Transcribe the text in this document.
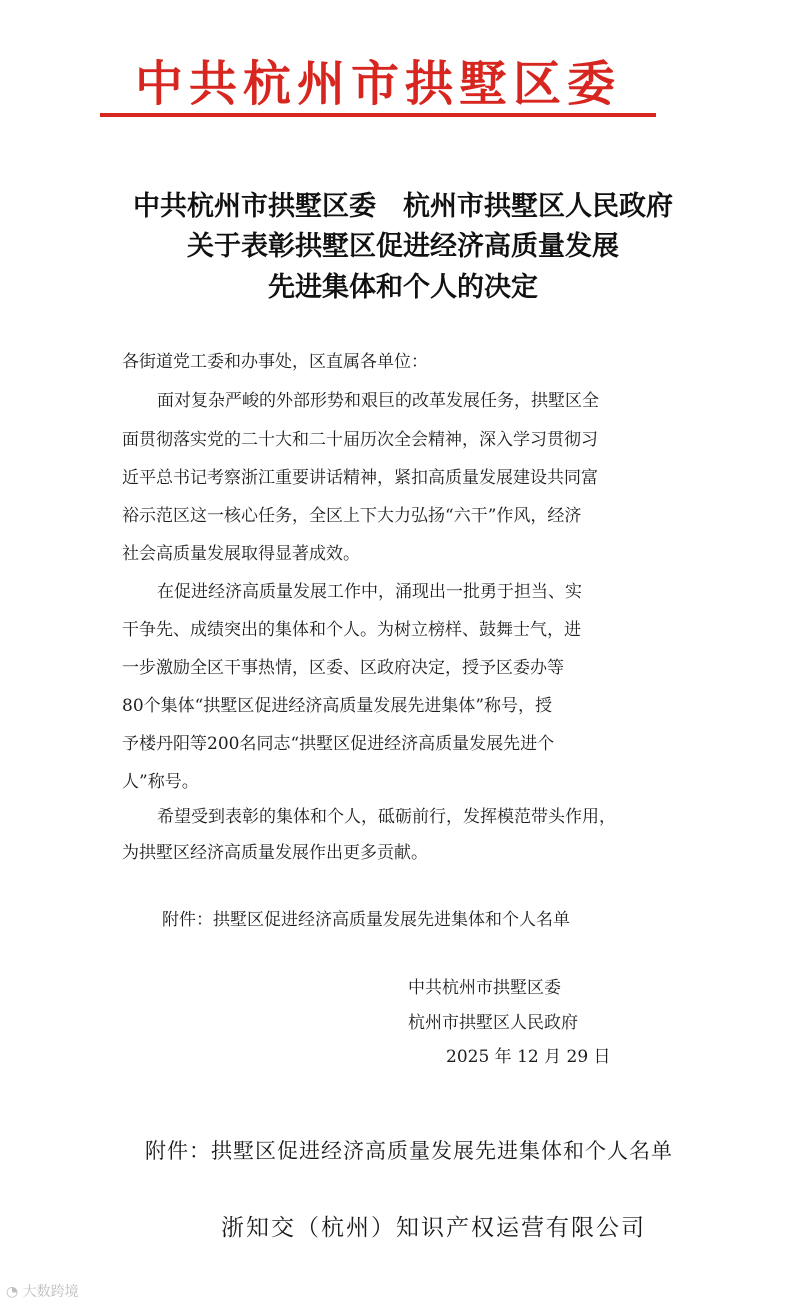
中共杭州市拱墅区委
中共杭州市拱墅区委　杭州市拱墅区人民政府
关于表彰拱墅区促进经济高质量发展
先进集体和个人的决定
各街道党工委和办事处，区直属各单位：
面对复杂严峻的外部形势和艰巨的改革发展任务，拱墅区全
面贯彻落实党的二十大和二十届历次全会精神，深入学习贯彻习
近平总书记考察浙江重要讲话精神，紧扣高质量发展建设共同富
裕示范区这一核心任务，全区上下大力弘扬“六干”作风，经济
社会高质量发展取得显著成效。
在促进经济高质量发展工作中，涌现出一批勇于担当、实
干争先、成绩突出的集体和个人。为树立榜样、鼓舞士气，进
一步激励全区干事热情，区委、区政府决定，授予区委办等
80个集体“拱墅区促进经济高质量发展先进集体”称号，授
予楼丹阳等200名同志“拱墅区促进经济高质量发展先进个
人”称号。
希望受到表彰的集体和个人，砥砺前行，发挥模范带头作用，
为拱墅区经济高质量发展作出更多贡献。
附件：拱墅区促进经济高质量发展先进集体和个人名单
中共杭州市拱墅区委
杭州市拱墅区人民政府
2025 年 12 月 29 日
附件：拱墅区促进经济高质量发展先进集体和个人名单
浙知交（杭州）知识产权运营有限公司
◔ 大数跨境
